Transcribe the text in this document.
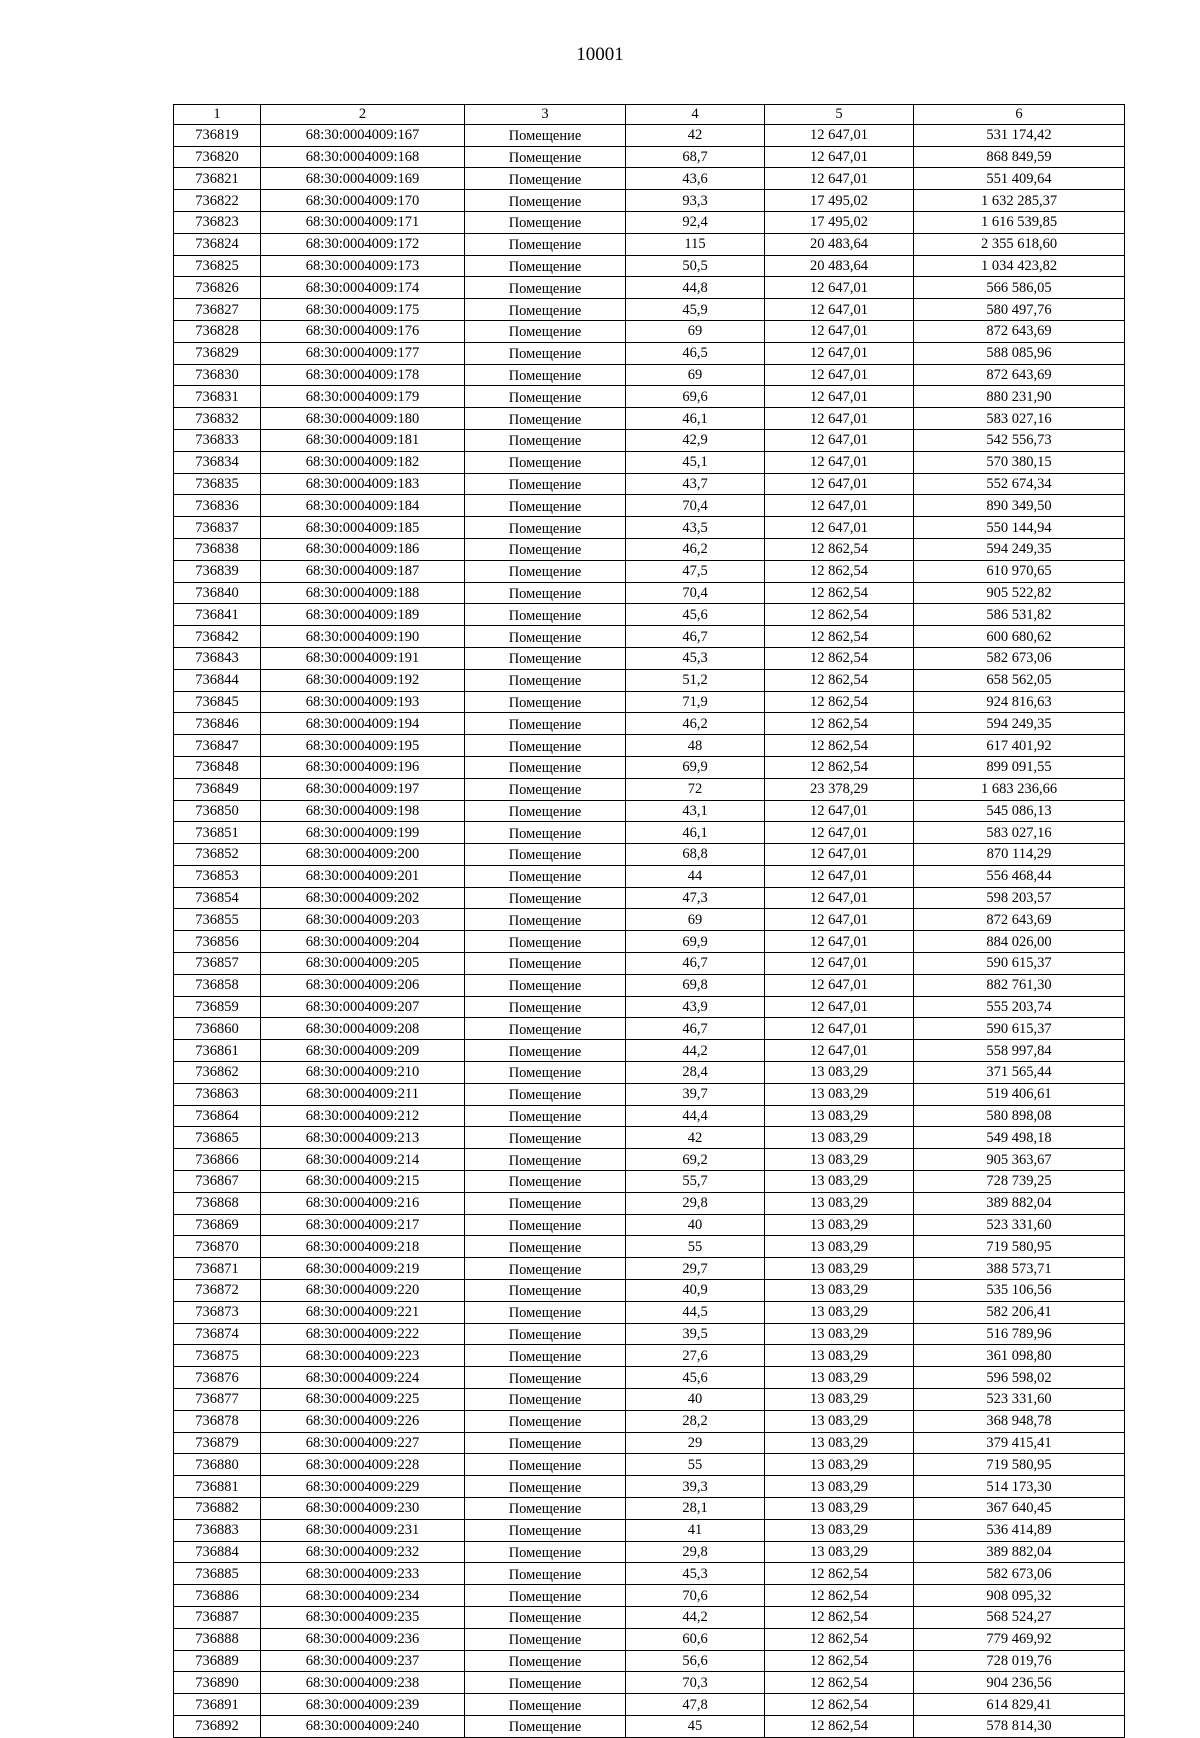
10001
1	2	3	4	5	6
736819	68:30:0004009:167	Помещение	42	12 647,01	531 174,42
736820	68:30:0004009:168	Помещение	68,7	12 647,01	868 849,59
736821	68:30:0004009:169	Помещение	43,6	12 647,01	551 409,64
736822	68:30:0004009:170	Помещение	93,3	17 495,02	1 632 285,37
736823	68:30:0004009:171	Помещение	92,4	17 495,02	1 616 539,85
736824	68:30:0004009:172	Помещение	115	20 483,64	2 355 618,60
736825	68:30:0004009:173	Помещение	50,5	20 483,64	1 034 423,82
736826	68:30:0004009:174	Помещение	44,8	12 647,01	566 586,05
736827	68:30:0004009:175	Помещение	45,9	12 647,01	580 497,76
736828	68:30:0004009:176	Помещение	69	12 647,01	872 643,69
736829	68:30:0004009:177	Помещение	46,5	12 647,01	588 085,96
736830	68:30:0004009:178	Помещение	69	12 647,01	872 643,69
736831	68:30:0004009:179	Помещение	69,6	12 647,01	880 231,90
736832	68:30:0004009:180	Помещение	46,1	12 647,01	583 027,16
736833	68:30:0004009:181	Помещение	42,9	12 647,01	542 556,73
736834	68:30:0004009:182	Помещение	45,1	12 647,01	570 380,15
736835	68:30:0004009:183	Помещение	43,7	12 647,01	552 674,34
736836	68:30:0004009:184	Помещение	70,4	12 647,01	890 349,50
736837	68:30:0004009:185	Помещение	43,5	12 647,01	550 144,94
736838	68:30:0004009:186	Помещение	46,2	12 862,54	594 249,35
736839	68:30:0004009:187	Помещение	47,5	12 862,54	610 970,65
736840	68:30:0004009:188	Помещение	70,4	12 862,54	905 522,82
736841	68:30:0004009:189	Помещение	45,6	12 862,54	586 531,82
736842	68:30:0004009:190	Помещение	46,7	12 862,54	600 680,62
736843	68:30:0004009:191	Помещение	45,3	12 862,54	582 673,06
736844	68:30:0004009:192	Помещение	51,2	12 862,54	658 562,05
736845	68:30:0004009:193	Помещение	71,9	12 862,54	924 816,63
736846	68:30:0004009:194	Помещение	46,2	12 862,54	594 249,35
736847	68:30:0004009:195	Помещение	48	12 862,54	617 401,92
736848	68:30:0004009:196	Помещение	69,9	12 862,54	899 091,55
736849	68:30:0004009:197	Помещение	72	23 378,29	1 683 236,66
736850	68:30:0004009:198	Помещение	43,1	12 647,01	545 086,13
736851	68:30:0004009:199	Помещение	46,1	12 647,01	583 027,16
736852	68:30:0004009:200	Помещение	68,8	12 647,01	870 114,29
736853	68:30:0004009:201	Помещение	44	12 647,01	556 468,44
736854	68:30:0004009:202	Помещение	47,3	12 647,01	598 203,57
736855	68:30:0004009:203	Помещение	69	12 647,01	872 643,69
736856	68:30:0004009:204	Помещение	69,9	12 647,01	884 026,00
736857	68:30:0004009:205	Помещение	46,7	12 647,01	590 615,37
736858	68:30:0004009:206	Помещение	69,8	12 647,01	882 761,30
736859	68:30:0004009:207	Помещение	43,9	12 647,01	555 203,74
736860	68:30:0004009:208	Помещение	46,7	12 647,01	590 615,37
736861	68:30:0004009:209	Помещение	44,2	12 647,01	558 997,84
736862	68:30:0004009:210	Помещение	28,4	13 083,29	371 565,44
736863	68:30:0004009:211	Помещение	39,7	13 083,29	519 406,61
736864	68:30:0004009:212	Помещение	44,4	13 083,29	580 898,08
736865	68:30:0004009:213	Помещение	42	13 083,29	549 498,18
736866	68:30:0004009:214	Помещение	69,2	13 083,29	905 363,67
736867	68:30:0004009:215	Помещение	55,7	13 083,29	728 739,25
736868	68:30:0004009:216	Помещение	29,8	13 083,29	389 882,04
736869	68:30:0004009:217	Помещение	40	13 083,29	523 331,60
736870	68:30:0004009:218	Помещение	55	13 083,29	719 580,95
736871	68:30:0004009:219	Помещение	29,7	13 083,29	388 573,71
736872	68:30:0004009:220	Помещение	40,9	13 083,29	535 106,56
736873	68:30:0004009:221	Помещение	44,5	13 083,29	582 206,41
736874	68:30:0004009:222	Помещение	39,5	13 083,29	516 789,96
736875	68:30:0004009:223	Помещение	27,6	13 083,29	361 098,80
736876	68:30:0004009:224	Помещение	45,6	13 083,29	596 598,02
736877	68:30:0004009:225	Помещение	40	13 083,29	523 331,60
736878	68:30:0004009:226	Помещение	28,2	13 083,29	368 948,78
736879	68:30:0004009:227	Помещение	29	13 083,29	379 415,41
736880	68:30:0004009:228	Помещение	55	13 083,29	719 580,95
736881	68:30:0004009:229	Помещение	39,3	13 083,29	514 173,30
736882	68:30:0004009:230	Помещение	28,1	13 083,29	367 640,45
736883	68:30:0004009:231	Помещение	41	13 083,29	536 414,89
736884	68:30:0004009:232	Помещение	29,8	13 083,29	389 882,04
736885	68:30:0004009:233	Помещение	45,3	12 862,54	582 673,06
736886	68:30:0004009:234	Помещение	70,6	12 862,54	908 095,32
736887	68:30:0004009:235	Помещение	44,2	12 862,54	568 524,27
736888	68:30:0004009:236	Помещение	60,6	12 862,54	779 469,92
736889	68:30:0004009:237	Помещение	56,6	12 862,54	728 019,76
736890	68:30:0004009:238	Помещение	70,3	12 862,54	904 236,56
736891	68:30:0004009:239	Помещение	47,8	12 862,54	614 829,41
736892	68:30:0004009:240	Помещение	45	12 862,54	578 814,30
